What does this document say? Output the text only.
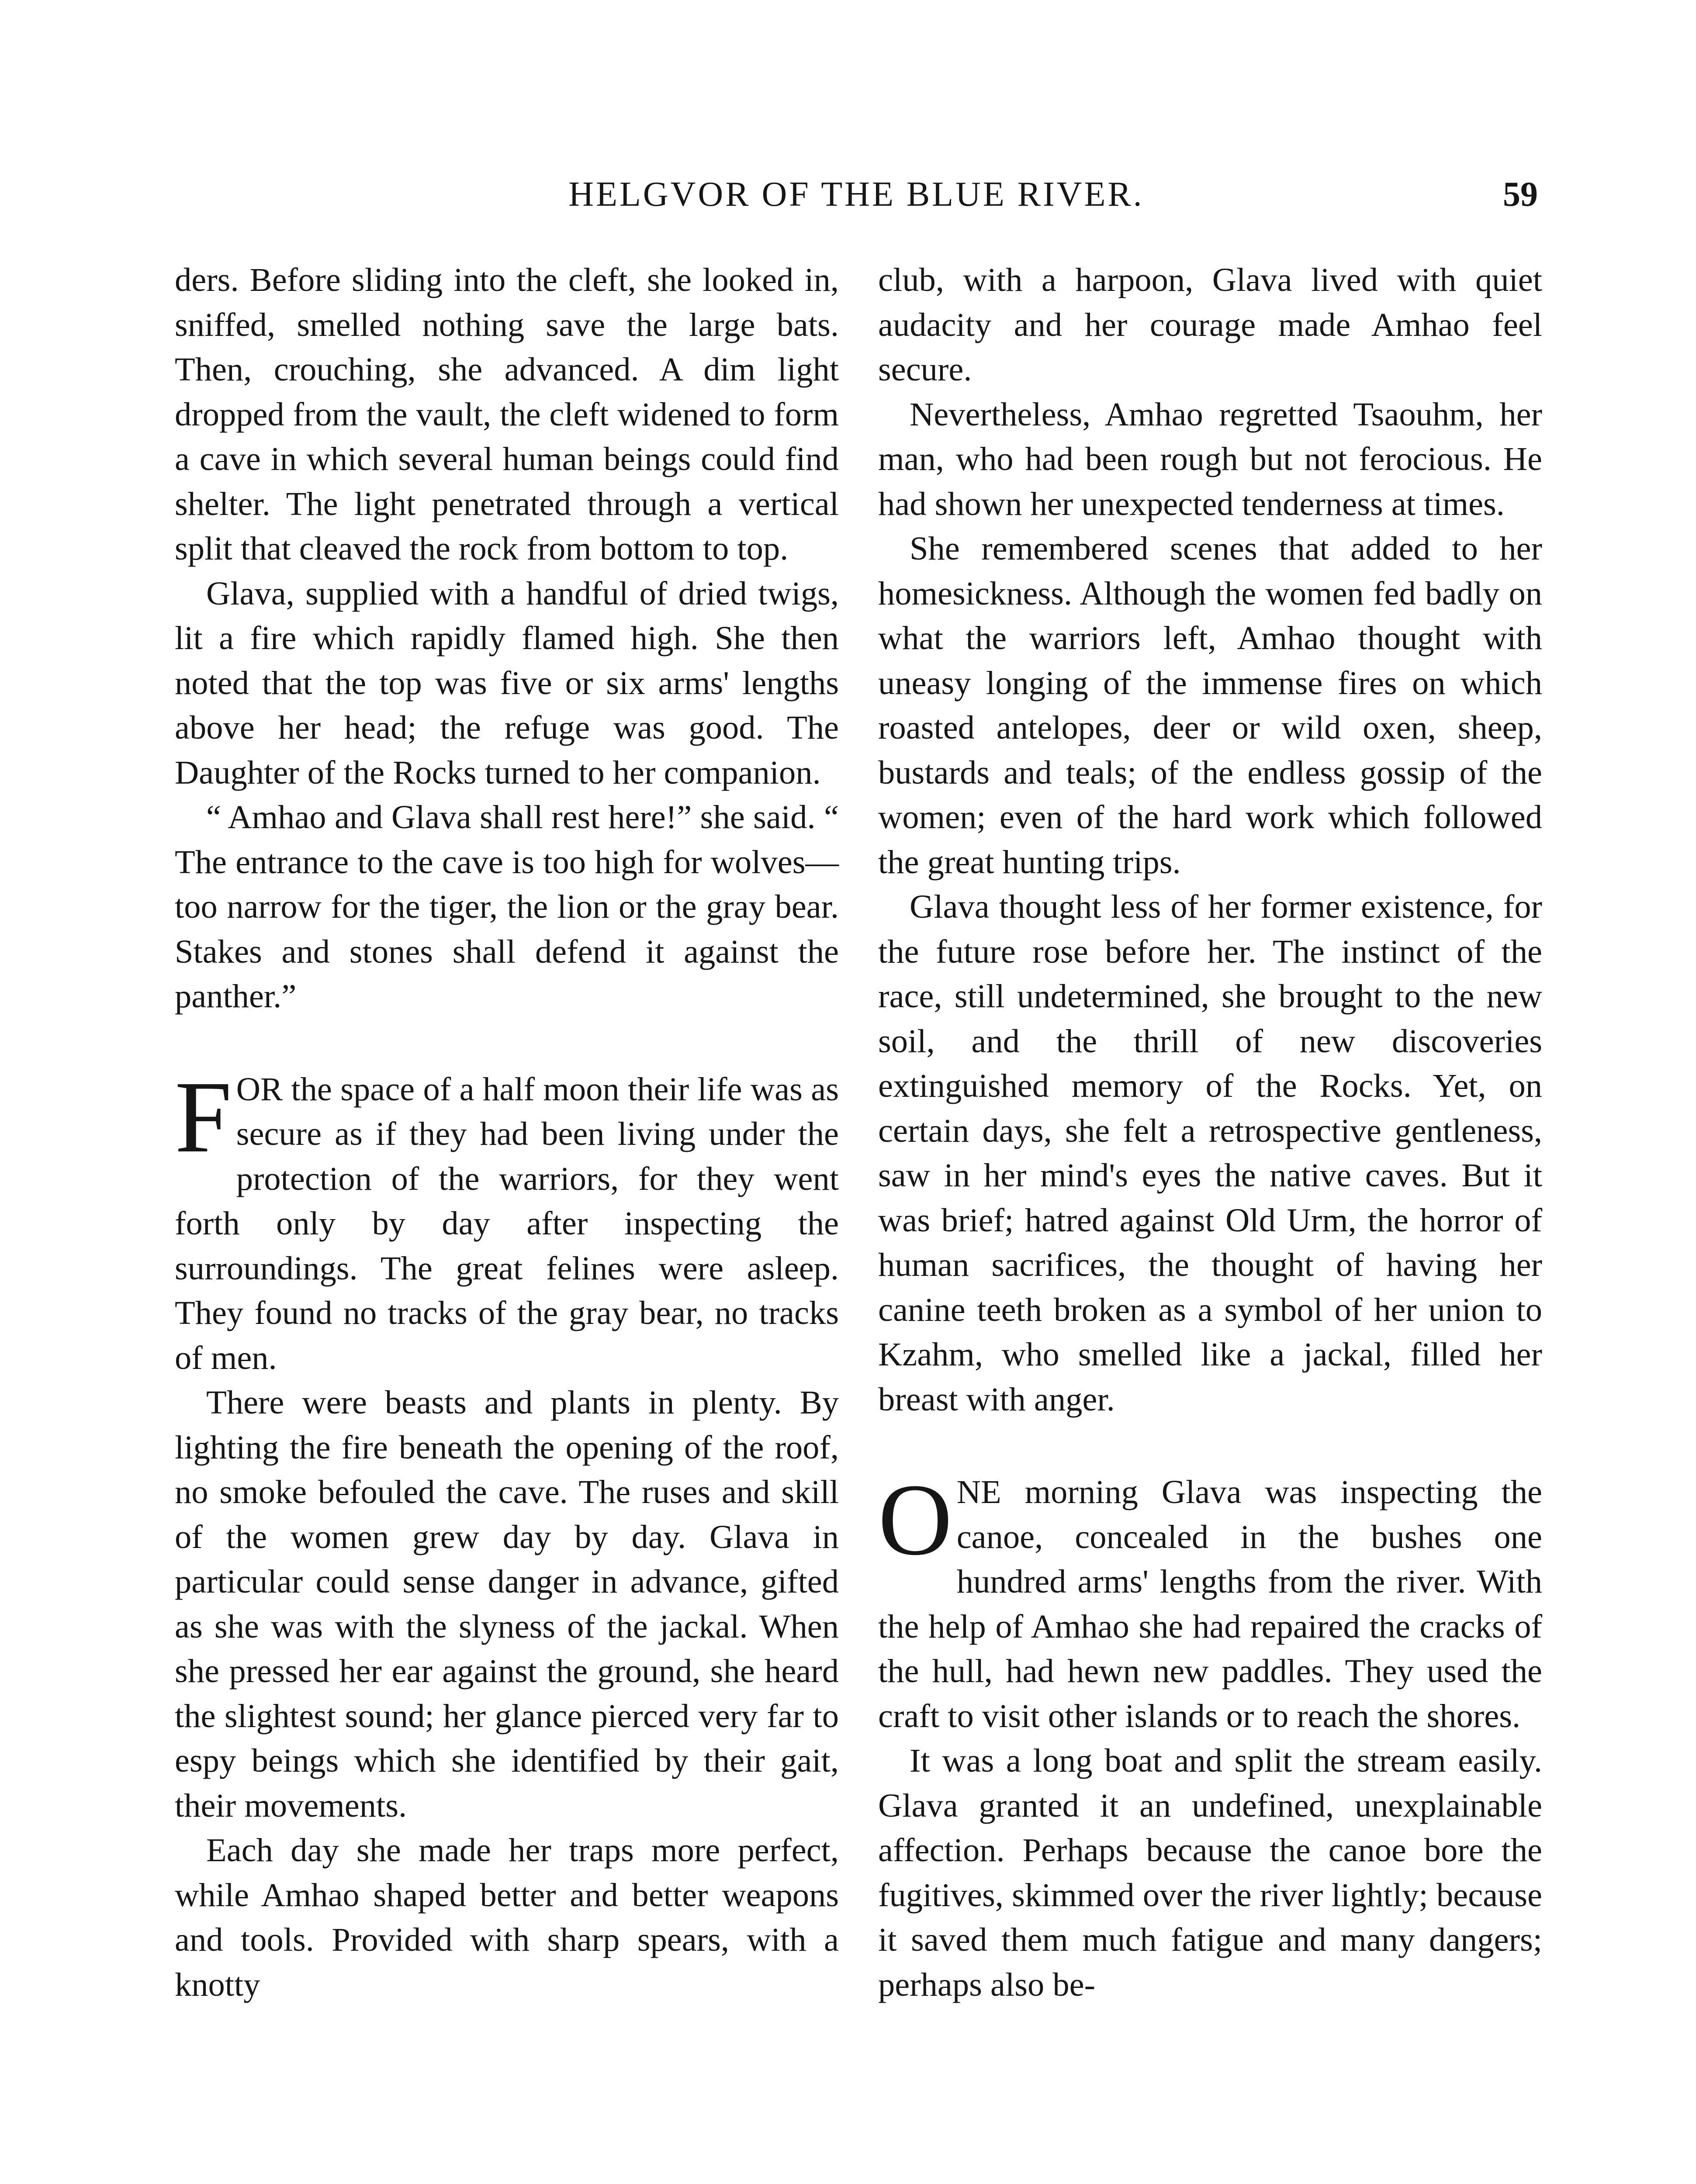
HELGVOR OF THE BLUE RIVER.	59

ders. Before sliding into the cleft, she looked in, sniffed, smelled nothing save the large bats. Then, crouching, she advanced. A dim light dropped from the vault, the cleft widened to form a cave in which several human beings could find shelter. The light penetrated through a vertical split that cleaved the rock from bottom to top.

Glava, supplied with a handful of dried twigs, lit a fire which rapidly flamed high. She then noted that the top was five or six arms' lengths above her head; the refuge was good. The Daughter of the Rocks turned to her companion.

“ Amhao and Glava shall rest here!” she said. “ The entrance to the cave is too high for wolves—too narrow for the tiger, the lion or the gray bear. Stakes and stones shall defend it against the panther.”

F OR the space of a half moon their life was as secure as if they had been living under the protection of the warriors, for they went forth only by day after inspecting the surroundings. The great felines were asleep. They found no tracks of the gray bear, no tracks of men.

There were beasts and plants in plenty. By lighting the fire beneath the opening of the roof, no smoke befouled the cave. The ruses and skill of the women grew day by day. Glava in particular could sense danger in advance, gifted as she was with the slyness of the jackal. When she pressed her ear against the ground, she heard the slightest sound; her glance pierced very far to espy beings which she identified by their gait, their movements.

Each day she made her traps more perfect, while Amhao shaped better and better weapons and tools. Provided with sharp spears, with a knotty

club, with a harpoon, Glava lived with quiet audacity and her courage made Amhao feel secure.

Nevertheless, Amhao regretted Tsaouhm, her man, who had been rough but not ferocious. He had shown her unexpected tenderness at times.

She remembered scenes that added to her homesickness. Although the women fed badly on what the warriors left, Amhao thought with uneasy longing of the immense fires on which roasted antelopes, deer or wild oxen, sheep, bustards and teals; of the endless gossip of the women; even of the hard work which followed the great hunting trips.

Glava thought less of her former existence, for the future rose before her. The instinct of the race, still undetermined, she brought to the new soil, and the thrill of new discoveries extinguished memory of the Rocks. Yet, on certain days, she felt a retrospective gentleness, saw in her mind's eyes the native caves. But it was brief; hatred against Old Urm, the horror of human sacrifices, the thought of having her canine teeth broken as a symbol of her union to Kzahm, who smelled like a jackal, filled her breast with anger.

O NE morning Glava was inspecting the canoe, concealed in the bushes one hundred arms' lengths from the river. With the help of Amhao she had repaired the cracks of the hull, had hewn new paddles. They used the craft to visit other islands or to reach the shores.

It was a long boat and split the stream easily. Glava granted it an undefined, unexplainable affection. Perhaps because the canoe bore the fugitives, skimmed over the river lightly; because it saved them much fatigue and many dangers; perhaps also be-
